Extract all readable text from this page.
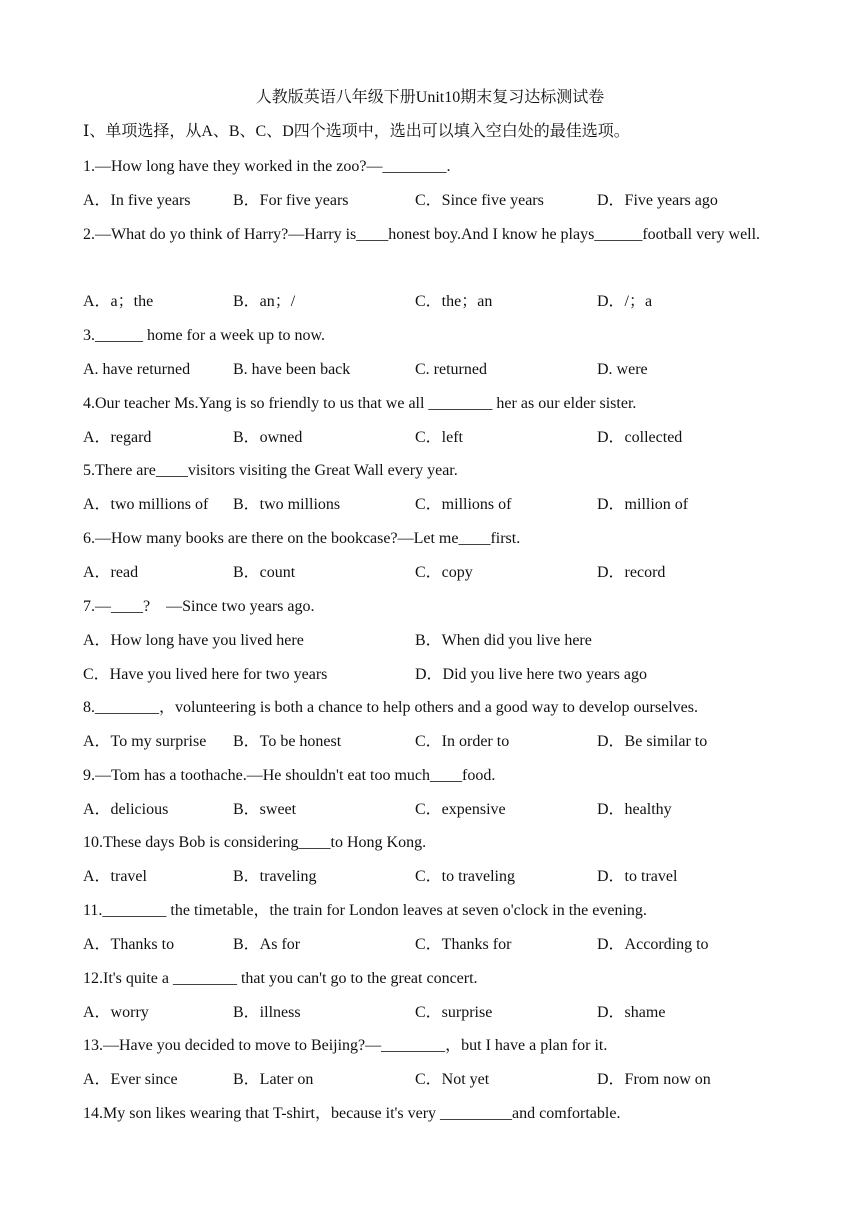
人教版英语八年级下册Unit10期末复习达标测试卷
Ⅰ、单项选择，从A、B、C、D四个选项中，选出可以填入空白处的最佳选项。
1.—How long have they worked in the zoo?—________.
A．In five years	B．For five years	C．Since five years	D．Five years ago
2.—What do yo think of Harry?—Harry is____honest boy.And I know he plays______football very well.
A．a；the	B．an；/	C．the；an	D．/；a
3.______ home for a week up to now.
A. have returned	B. have been back	C. returned	D. were
4.Our teacher Ms.Yang is so friendly to us that we all ________ her as our elder sister.
A．regard	B．owned	C．left	D．collected
5.There are____visitors visiting the Great Wall every year.
A．two millions of B．two millions	C．millions of	D．million of
6.—How many books are there on the bookcase?—Let me____first.
A．read	B．count	C．copy	D．record
7.—____?　—Since two years ago.
A．How long have you lived here	B．When did you live here
C．Have you lived here for two years	D．Did you live here two years ago
8.________，volunteering is both a chance to help others and a good way to develop ourselves.
A．To my surprise B．To be honest	C．In order to	D．Be similar to
9.—Tom has a toothache.—He shouldn't eat too much____food.
A．delicious	B．sweet	C．expensive	D．healthy
10.These days Bob is considering____to Hong Kong.
A．travel	B．traveling	C．to traveling	D．to travel
11.________ the timetable，the train for London leaves at seven o'clock in the evening.
A．Thanks to	B．As for	C．Thanks for	D．According to
12.It's quite a ________ that you can't go to the great concert.
A．worry	B．illness	C．surprise	D．shame
13.—Have you decided to move to Beijing?—________，but I have a plan for it.
A．Ever since	B．Later on	C．Not yet	D．From now on
14.My son likes wearing that T-shirt，because it's very _________and comfortable.
